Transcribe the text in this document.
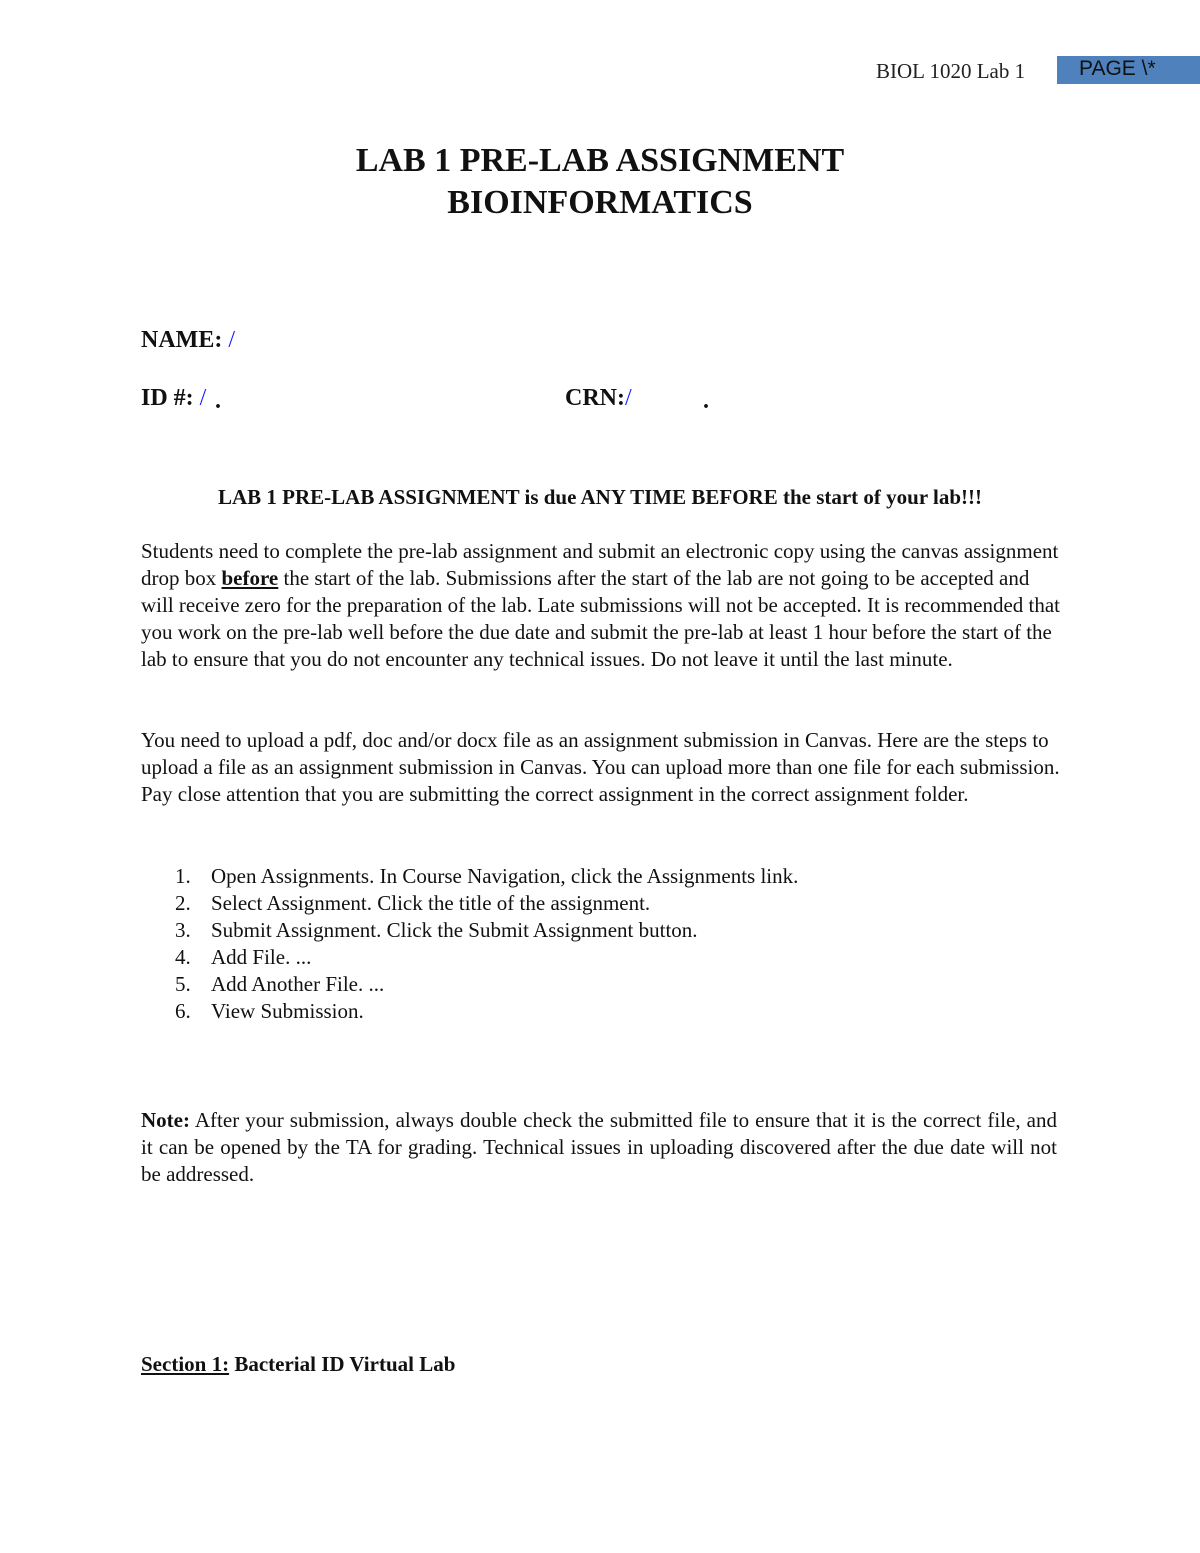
BIOL 1020 Lab 1	PAGE \*
LAB 1 PRE-LAB ASSIGNMENT
BIOINFORMATICS
NAME: /
ID #: / .	CRN:/	.
LAB 1 PRE-LAB ASSIGNMENT is due ANY TIME BEFORE the start of your lab!!!

Students need to complete the pre-lab assignment and submit an electronic copy using the canvas assignment drop box before the start of the lab. Submissions after the start of the lab are not going to be accepted and will receive zero for the preparation of the lab. Late submissions will not be accepted. It is recommended that you work on the pre-lab well before the due date and submit the pre-lab at least 1 hour before the start of the lab to ensure that you do not encounter any technical issues. Do not leave it until the last minute.

You need to upload a pdf, doc and/or docx file as an assignment submission in Canvas. Here are the steps to upload a file as an assignment submission in Canvas. You can upload more than one file for each submission. Pay close attention that you are submitting the correct assignment in the correct assignment folder.

1. Open Assignments. In Course Navigation, click the Assignments link.
2. Select Assignment. Click the title of the assignment.
3. Submit Assignment. Click the Submit Assignment button.
4. Add File. ...
5. Add Another File. ...
6. View Submission.

Note: After your submission, always double check the submitted file to ensure that it is the correct file, and it can be opened by the TA for grading. Technical issues in uploading discovered after the due date will not be addressed.

Section 1: Bacterial ID Virtual Lab
